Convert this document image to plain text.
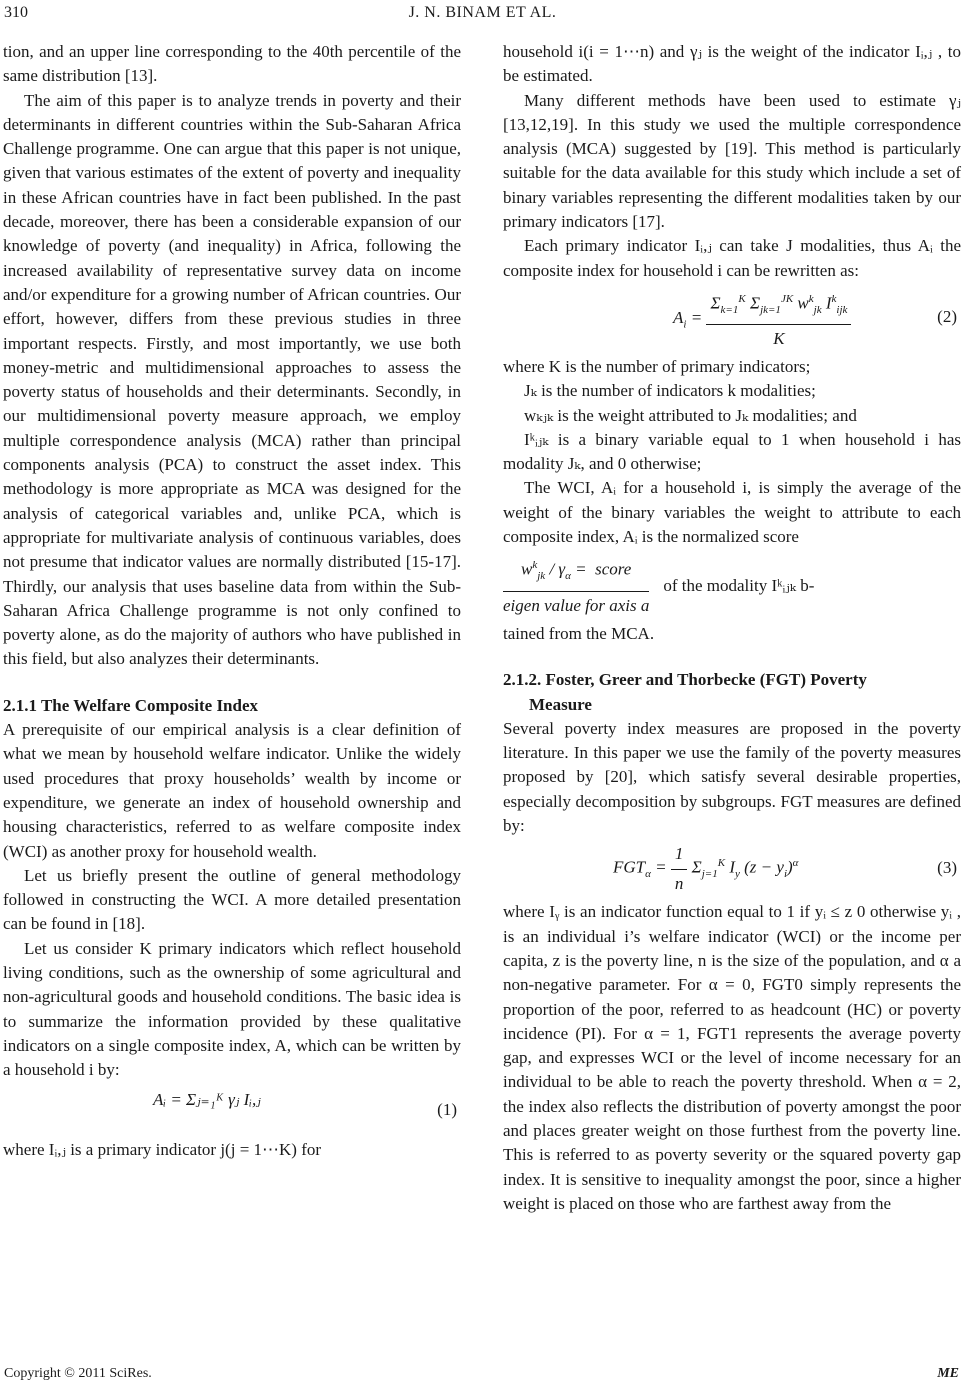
310	J. N. BINAM ET AL.

tion, and an upper line corresponding to the 40th percentile of the same distribution [13].

The aim of this paper is to analyze trends in poverty and their determinants in different countries within the Sub-Saharan Africa Challenge programme. One can argue that this paper is not unique, given that various estimates of the extent of poverty and inequality in these African countries have in fact been published. In the past decade, moreover, there has been a considerable expansion of our knowledge of poverty (and inequality) in Africa, following the increased availability of representative survey data on income and/or expenditure for a growing number of African countries. Our effort, however, differs from these previous studies in three important respects. Firstly, and most importantly, we use both money-metric and multidimensional approaches to assess the poverty status of households and their determinants. Secondly, in our multidimensional poverty measure approach, we employ multiple correspondence analysis (MCA) rather than principal components analysis (PCA) to construct the asset index. This methodology is more appropriate as MCA was designed for the analysis of categorical variables and, unlike PCA, which is appropriate for multivariate analysis of continuous variables, does not presume that indicator values are normally distributed [15-17]. Thirdly, our analysis that uses baseline data from within the Sub-Saharan Africa Challenge programme is not only confined to poverty alone, as do the majority of authors who have published in this field, but also analyzes their determinants.

2.1.1 The Welfare Composite Index

A prerequisite of our empirical analysis is a clear definition of what we mean by household welfare indicator. Unlike the widely used procedures that proxy households’ wealth by income or expenditure, we generate an index of household ownership and housing characteristics, referred to as welfare composite index (WCI) as another proxy for household wealth.

Let us briefly present the outline of general methodology followed in constructing the WCI. A more detailed presentation can be found in [18].

Let us consider K primary indicators which reflect household living conditions, such as the ownership of some agricultural and non-agricultural goods and household conditions. The basic idea is to summarize the information provided by these qualitative indicators on a single composite index, A, which can be written by a household i by:

Aᵢ = Σⱼ₌₁ᴷ γⱼ Iᵢ,ⱼ
(1)

where Iᵢ,ⱼ is a primary indicator j(j = 1⋯K) for

household i(i = 1⋯n) and γⱼ is the weight of the indicator Iᵢ,ⱼ , to be estimated.

Many different methods have been used to estimate γⱼ [13,12,19]. In this study we used the multiple correspondence analysis (MCA) suggested by [19]. This method is particularly suitable for the data available for this study which include a set of binary variables representing the different modalities taken by our primary indicators [17].

Each primary indicator Iᵢ,ⱼ can take J modalities, thus Aᵢ the composite index for household i can be rewritten as:

$A_i = \frac{\Sigma_{k=1}^K \Sigma_{jk=1}^{JK} w^k_{jk} I^k_{ijk}}{K}$	(2)

where K is the number of primary indicators;

Jₖ is the number of indicators k modalities;

wₖⱼₖ is the weight attributed to Jₖ modalities; and

Iᵏᵢⱼₖ is a binary variable equal to 1 when household i has modality Jₖ, and 0 otherwise;

The WCI, Aᵢ for a household i, is simply the average of the weight of the binary variables the weight to attribute to each composite index, Aᵢ is the normalized score

$\frac{w^k_{jk} / \gamma_\alpha = score}{\text{eigen value for axis a}}$ of the modality Iᵏᵢⱼₖ b-

tained from the MCA.

2.1.2. Foster, Greer and Thorbecke (FGT) Poverty

Measure

Several poverty index measures are proposed in the poverty literature. In this paper we use the family of the poverty measures proposed by [20], which satisfy several desirable properties, especially decomposition by subgroups. FGT measures are defined by:

$FGT_\alpha = \frac{1}{n} \Sigma_{j=1}^K$ $I_y$ $(z - y_i)^\alpha$	(3)

where Iᵧ is an indicator function equal to 1 if yᵢ ≤ z 0 otherwise yᵢ , is an individual i’s welfare indicator (WCI) or the income per capita, z is the poverty line, n is the size of the population, and α a non-negative parameter. For α = 0, FGT0 simply represents the proportion of the poor, referred to as headcount (HC) or poverty incidence (PI). For α = 1, FGT1 represents the average poverty gap, and expresses WCI or the level of income necessary for an individual to be able to reach the poverty threshold. When α = 2, the index also reflects the distribution of poverty amongst the poor and places greater weight on those furthest from the poverty line. This is referred to as poverty severity or the squared poverty gap index. It is sensitive to inequality amongst the poor, since a higher weight is placed on those who are farthest away from the

Copyright © 2011 SciRes.	ME
